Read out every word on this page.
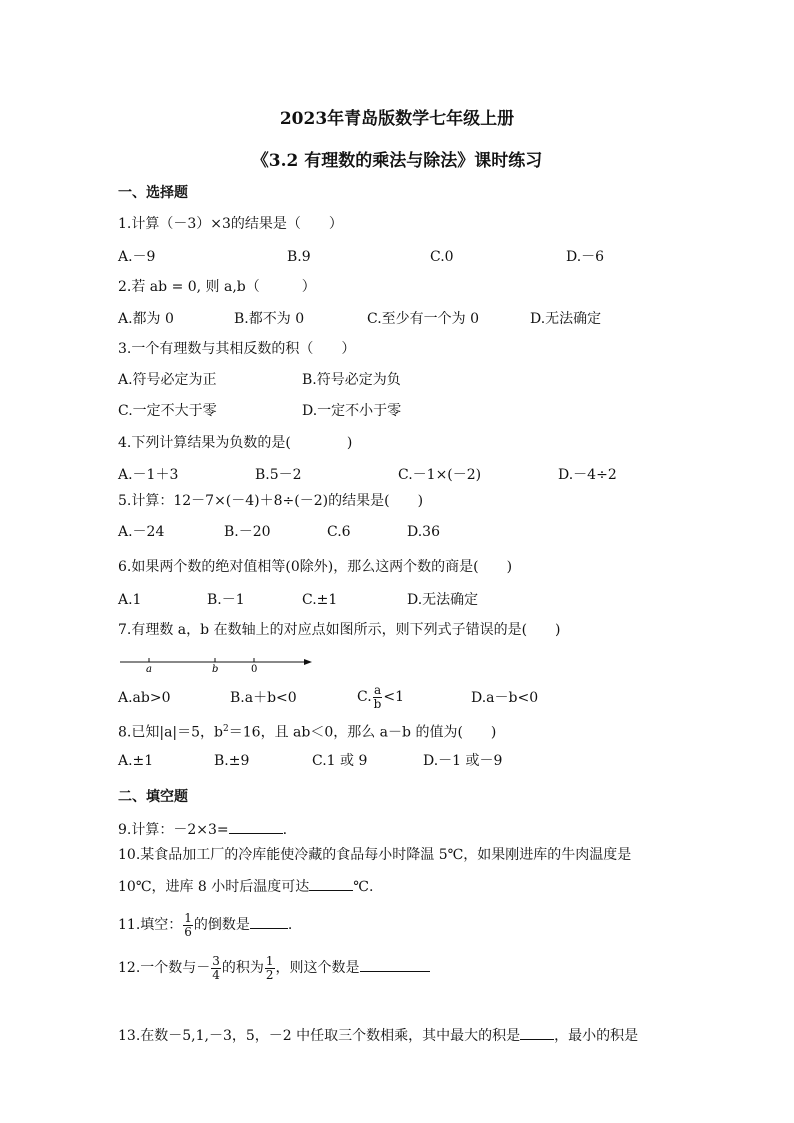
2023年青岛版数学七年级上册
《3.2 有理数的乘法与除法》课时练习
一、选择题
1.计算（－3）×3的结果是（　　）
A.－9	B.9	C.0	D.－6
2.若 ab = 0, 则 a,b（　　　）
A.都为 0	B.都不为 0	C.至少有一个为 0	D.无法确定
3.一个有理数与其相反数的积（　　）
A.符号必定为正	B.符号必定为负
C.一定不大于零	D.一定不小于零
4.下列计算结果为负数的是(　　　　)
A.－1＋3	B.5－2	C.－1×(－2)	D.－4÷2
5.计算：12－7×(－4)＋8÷(－2)的结果是(　　)
A.－24	B.－20	C.6	D.36
6.如果两个数的绝对值相等(0除外)，那么这两个数的商是(　　)
A.1	B.－1	C.±1	D.无法确定
7.有理数 a，b 在数轴上的对应点如图所示，则下列式子错误的是(　　)
a	b	0
A.ab>0	B.a＋b<0	C. $\frac{a}{b} <1$	D.a－b<0
8.已知|a|＝5，$b^2=16$，且 ab＜0，那么 a－b 的值为(　　)
A.±1	B.±9	C.1 或 9	D.－1 或－9
二、填空题
9.计算：－2×3=	.
10.某食品加工厂的冷库能使冷藏的食品每小时降温 5℃，如果刚进库的牛肉温度是
10℃，进库 8 小时后温度可达	℃.
11.填空： $\frac{1}{6}$ 的倒数是	.
12.一个数与－ $\frac{3}{4}$ 的积为 $\frac{1}{2}$ ，则这个数是
13.在数－5,1,－3，5，－2 中任取三个数相乘，其中最大的积是 ，最小的积是
